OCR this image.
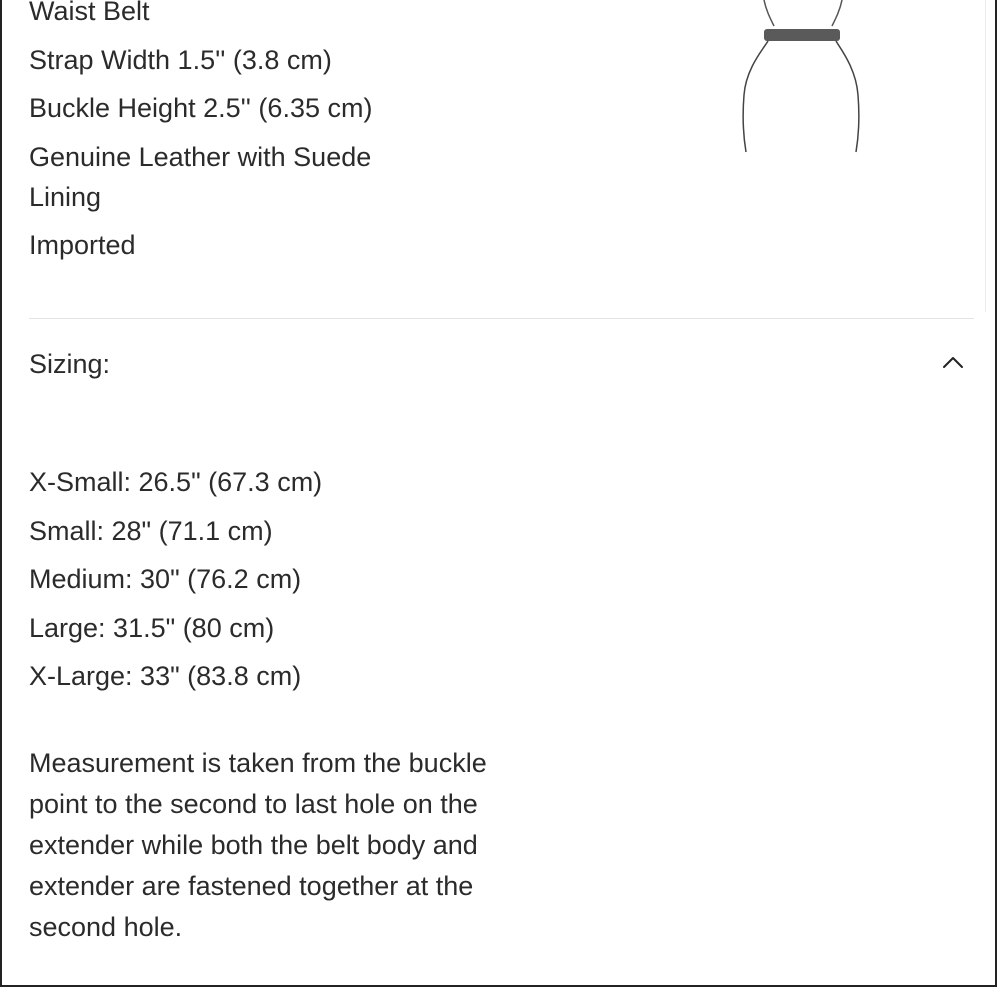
Waist Belt
Strap Width 1.5'' (3.8 cm)
Buckle Height 2.5'' (6.35 cm)
Genuine Leather with Suede Lining
Imported
Sizing:
X-Small: 26.5" (67.3 cm)
Small: 28" (71.1 cm)
Medium: 30" (76.2 cm)
Large: 31.5" (80 cm)
X-Large: 33" (83.8 cm)
Measurement is taken from the buckle point to the second to last hole on the extender while both the belt body and extender are fastened together at the second hole.
